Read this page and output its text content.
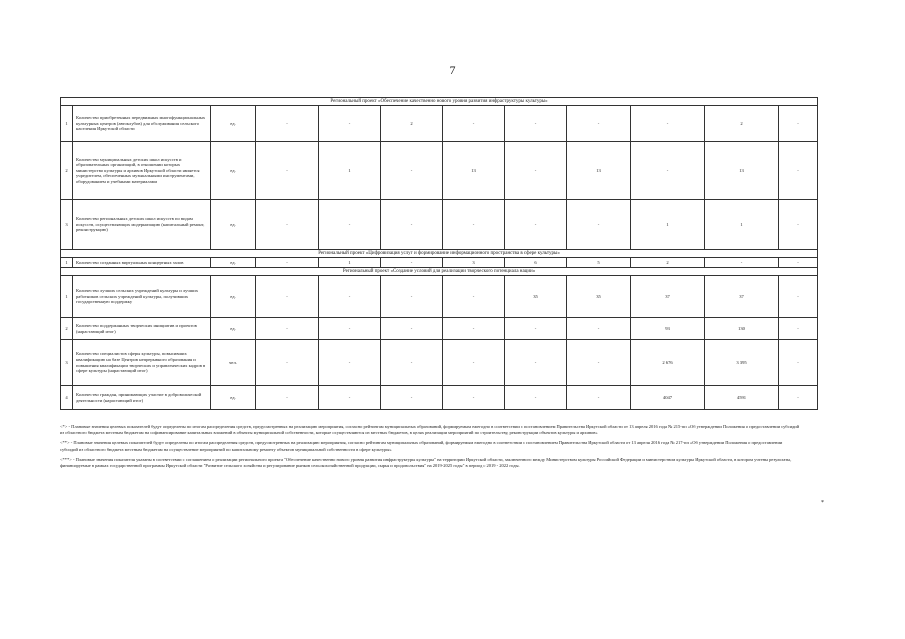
7
Региональный проект «Обеспечение качественно нового уровня развития инфраструктуры культуры»											
1	Количество приобретенных передвижных многофункциональных культурных центров (автоклубов) для обслуживания сельского населения Иркутской области	ед.	-	-	2	-	-	-	-	2	-
2	Количество муниципальных детских школ искусств и образовательных организаций, в отношении которых министерство культуры и архивов Иркутской области является учредителем, обеспеченных музыкальными инструментами, оборудованием и учебными материалами	ед.	-	1	-	13	-	13	-	13	-
3	Количество региональных детских школ искусств по видам искусств, осуществляющих модернизацию (капитальный ремонт, реконструкцию)	ед.	-	-	-	-	-	-	1	1	-
Региональный проект «Цифровизация услуг и формирование информационного пространства в сфере культуры»											
1	Количество созданных виртуальных концертных залов	ед.	-	1	-	3	6	5	2	-	-
Региональный проект «Создание условий для реализации творческого потенциала нации»											
1	Количество лучших сельских учреждений культуры и лучших работников сельских учреждений культуры, получивших государственную поддержку	ед.	-	-	-	-	35	35	37	37	-
2	Количество поддержанных творческих инициатив и проектов (нарастающий итог)	ед.	-	-	-	-	-	-	93	130	-
3	Количество специалистов сферы культуры, повысивших квалификацию на базе Центров непрерывного образования и повышения квалификации творческих и управленческих кадров в сфере культуры (нарастающий итог)	чел.	-	-	-	-	-	-	2 676	3 395	-
4	Количество граждан, принимающих участие в добровольческой деятельности (нарастающий итог)	ед.	-	-	-	-	-	-	4047	4591	-

<*> - Плановые значения целевых показателей будут определены по итогам распределения средств, предусмотренных на реализацию мероприятия, согласно рейтингам муниципальных образований, формируемым ежегодно в соответствии с постановлением Правительства Иркутской области от 13 апреля 2016 года № 215-пп «Об утверждении Положения о предоставлении субсидий из областного бюджета местным бюджетам на софинансирование капитальных вложений в объекты муниципальной собственности, которые осуществляются из местных бюджетов, в целях реализации мероприятий по строительству, реконструкции объектов культуры и архивов»

<**> - Плановые значения целевых показателей будут определены по итогам распределения средств, предусмотренных на реализацию мероприятия, согласно рейтингам муниципальных образований, формируемым ежегодно в соответствии с постановлением Правительства Иркутской области от 13 апреля 2016 года № 217-пп «Об утверждении Положения о предоставлении субсидий из областного бюджета местным бюджетам на осуществление мероприятий по капитальному ремонту объектов муниципальной собственности в сфере культуры»

<***> - Плановые значения показателя указаны в соответствии с соглашением о реализации регионального проекта "Обеспечение качественно нового уровня развития инфраструктуры культуры" на территории Иркутской области, заключенного между Министерством культуры Российской Федерации и министерством культуры Иркутской области, в котором учтены результаты, финансируемые в рамках государственной программы Иркутской области "Развитие сельского хозяйства и регулирование рынков сельскохозяйственной продукции, сырья и продовольствия" на 2019-2025 годы" в период с 2019 - 2022 годы.

*
